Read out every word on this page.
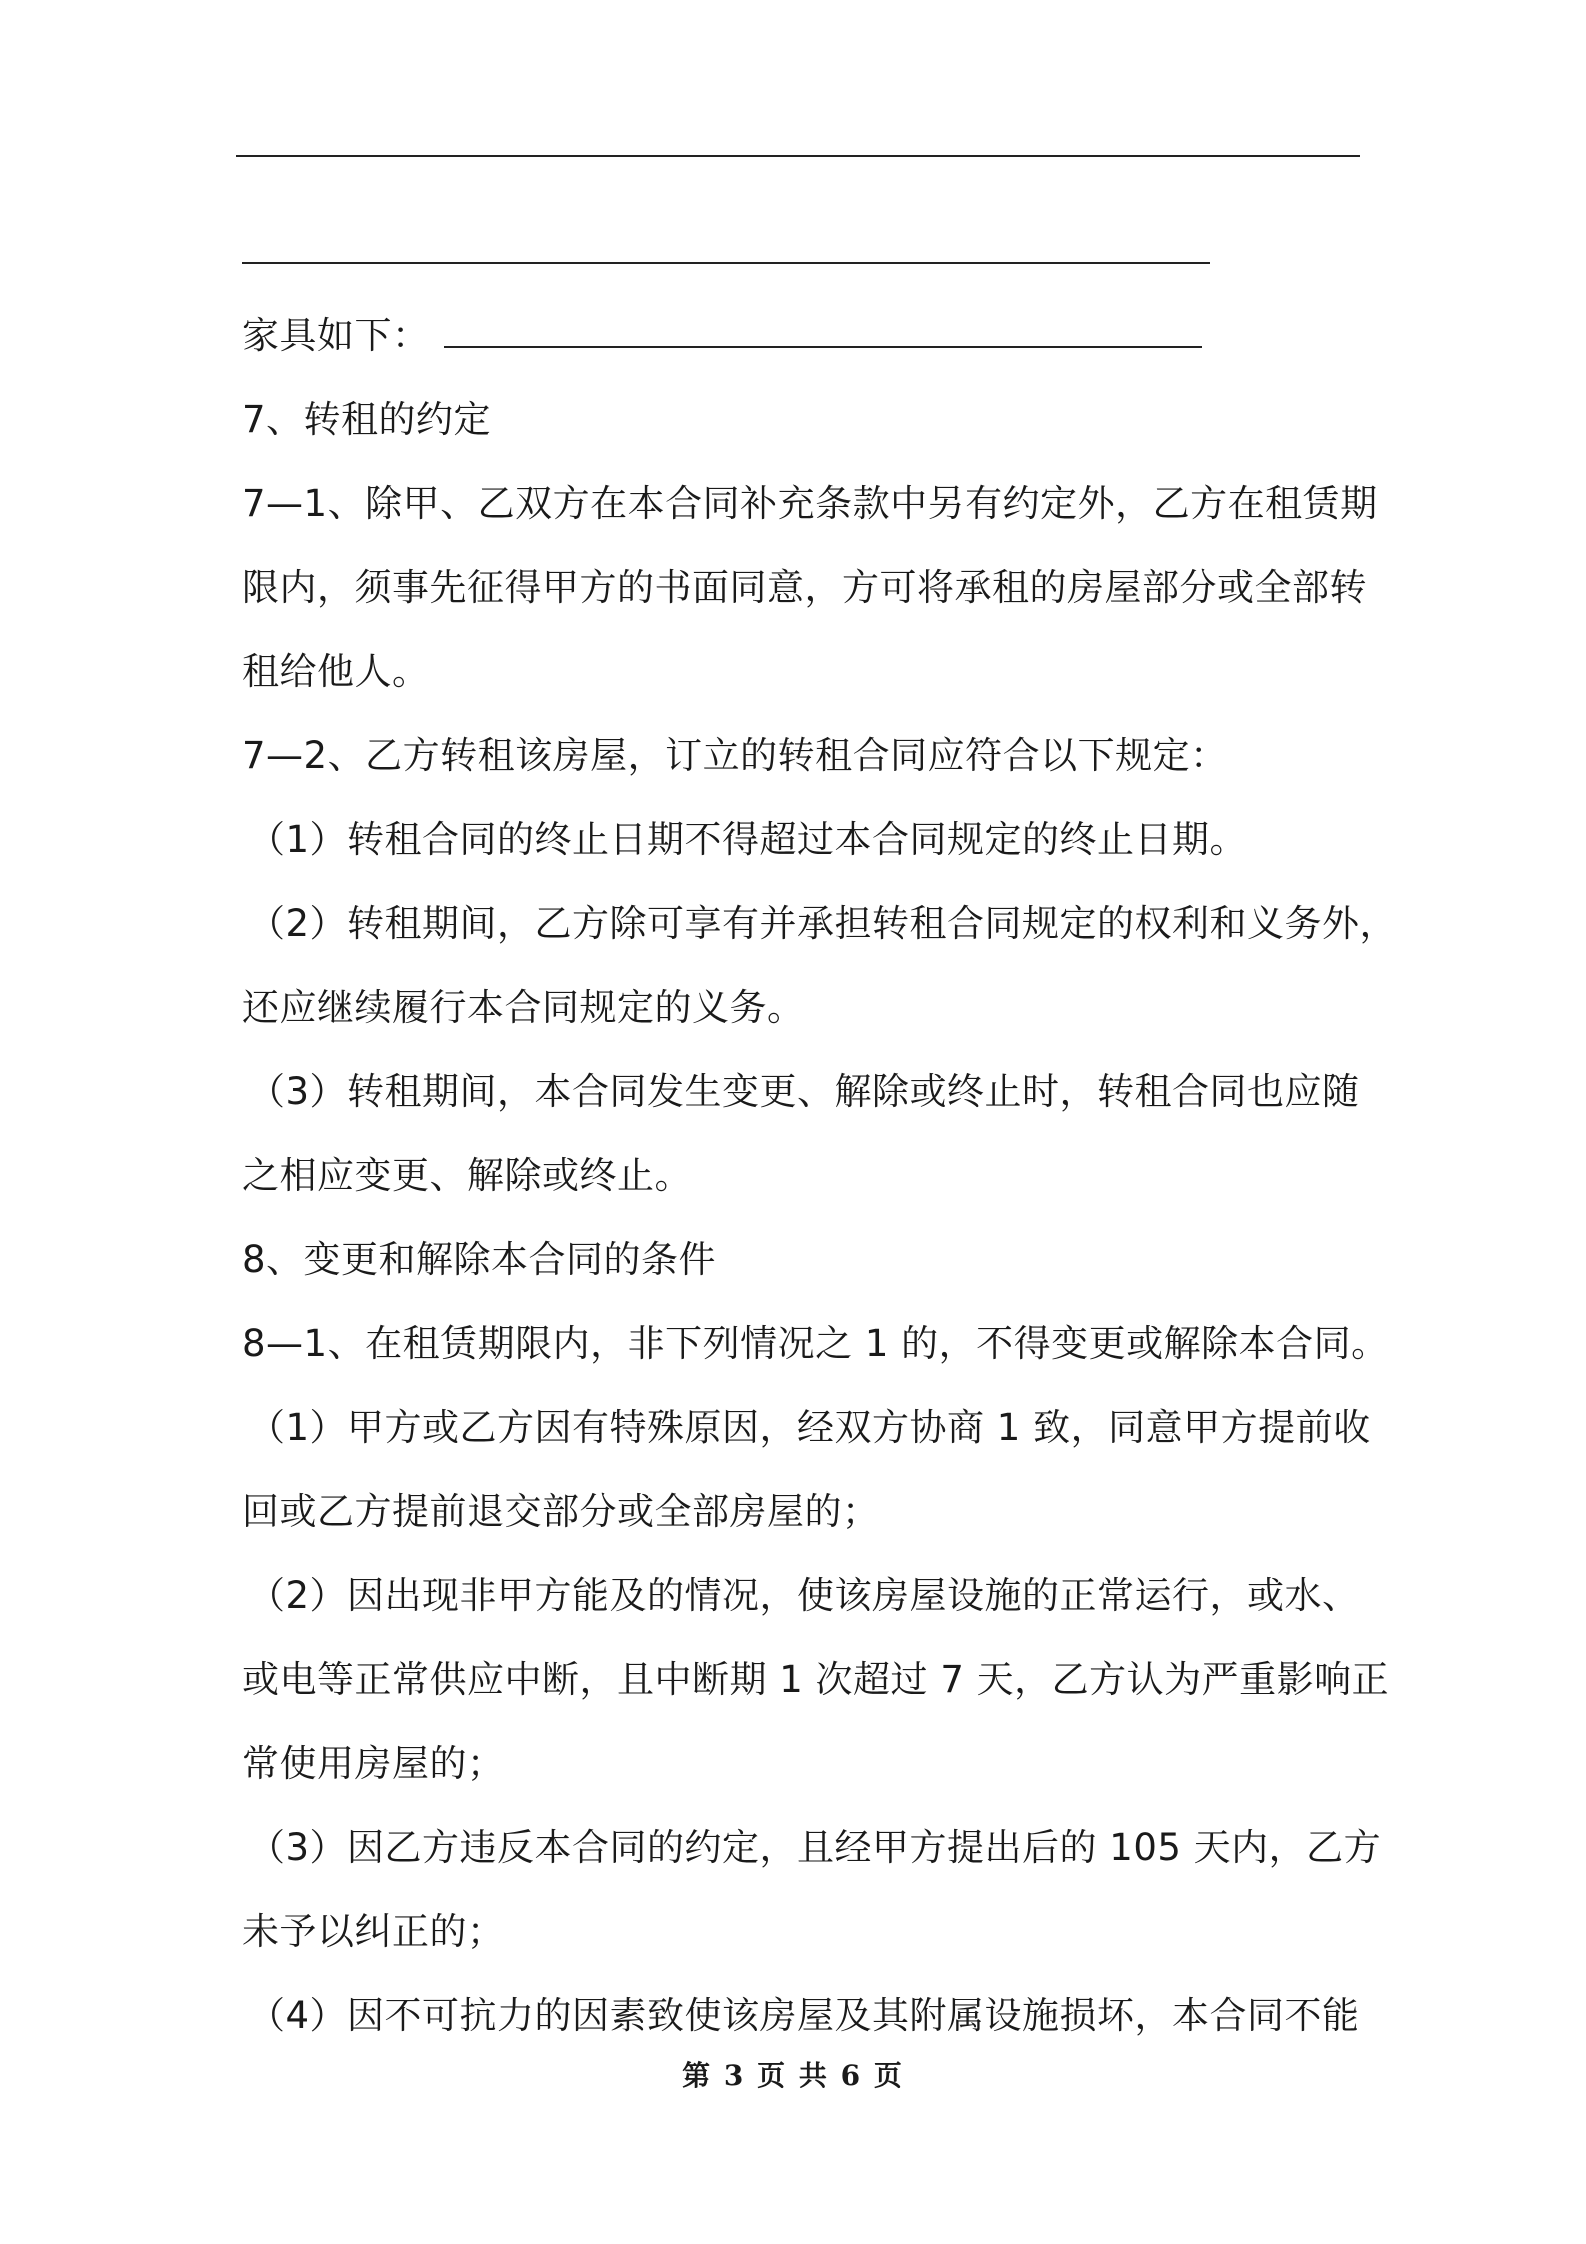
家具如下：
7、转租的约定
7—1、除甲、乙双方在本合同补充条款中另有约定外，乙方在租赁期
限内，须事先征得甲方的书面同意，方可将承租的房屋部分或全部转
租给他人。
7—2、乙方转租该房屋，订立的转租合同应符合以下规定：
（1）转租合同的终止日期不得超过本合同规定的终止日期。
（2）转租期间，乙方除可享有并承担转租合同规定的权利和义务外，
还应继续履行本合同规定的义务。
（3）转租期间，本合同发生变更、解除或终止时，转租合同也应随
之相应变更、解除或终止。
8、变更和解除本合同的条件
8—1、在租赁期限内，非下列情况之 1 的，不得变更或解除本合同。
（1）甲方或乙方因有特殊原因，经双方协商 1 致，同意甲方提前收
回或乙方提前退交部分或全部房屋的；
（2）因出现非甲方能及的情况，使该房屋设施的正常运行，或水、
或电等正常供应中断，且中断期 1 次超过 7 天，乙方认为严重影响正
常使用房屋的；
（3）因乙方违反本合同的约定，且经甲方提出后的 105 天内，乙方
未予以纠正的；
（4）因不可抗力的因素致使该房屋及其附属设施损坏，本合同不能
第 3 页 共 6 页
